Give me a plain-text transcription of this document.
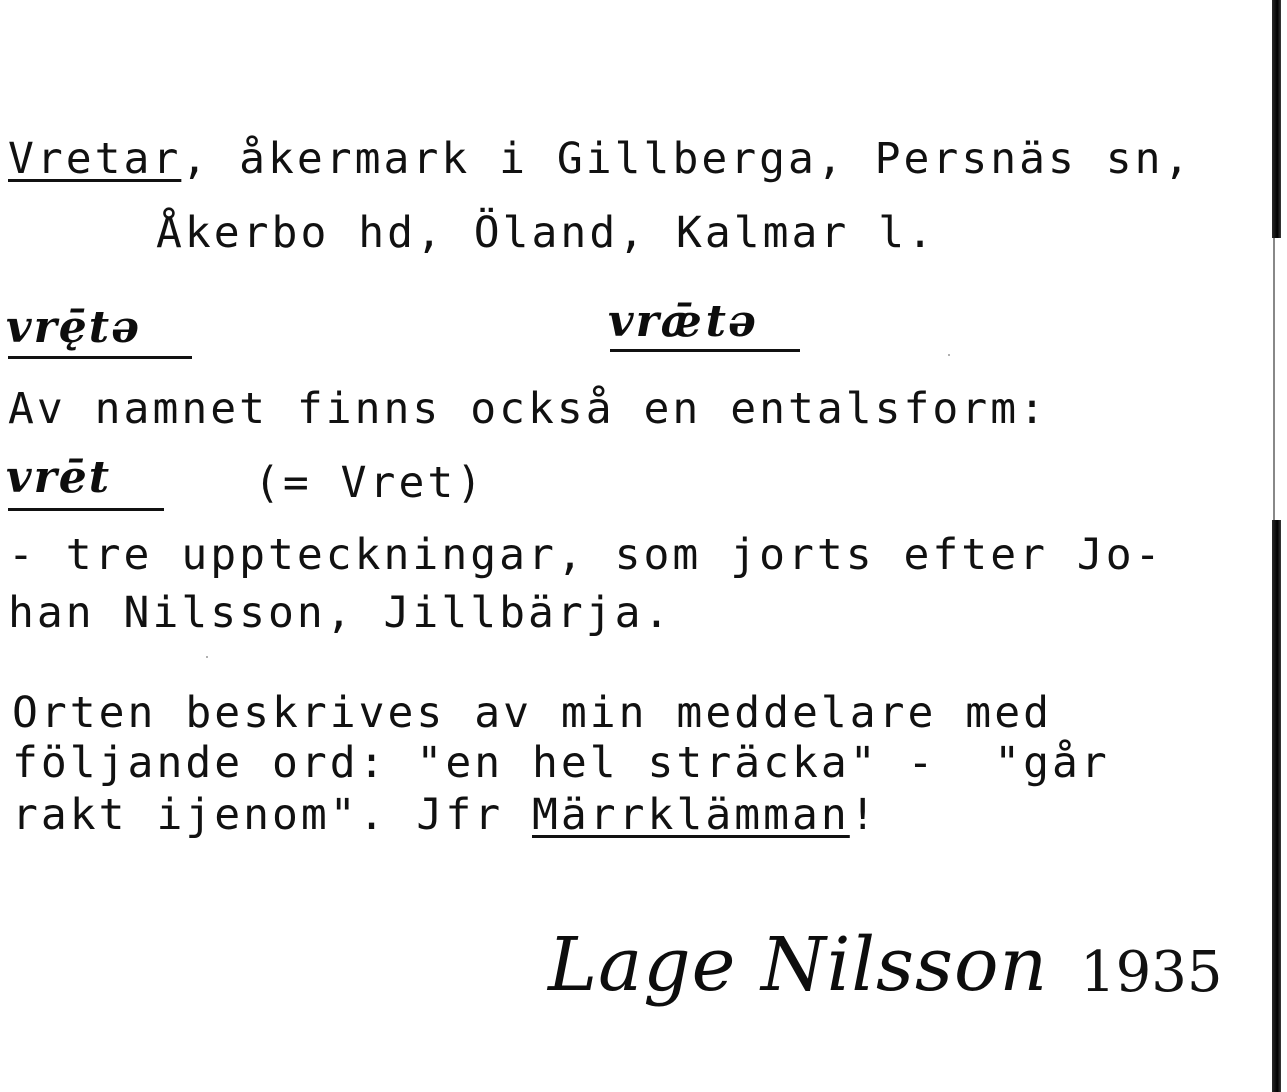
Vretar, åkermark i Gillberga, Persnäs sn,
Åkerbo hd, Öland, Kalmar l.
vrę̄tə	vrǣtə
Av namnet finns också en entalsform:
vrēt	(= Vret)
- tre uppteckningar, som jorts efter Jo-
han Nilsson, Jillbärja.
Orten beskrives av min meddelare med
följande ord: "en hel sträcka" -  "går
rakt ijenom". Jfr Märrklämman!
Lage Nilsson 1935
